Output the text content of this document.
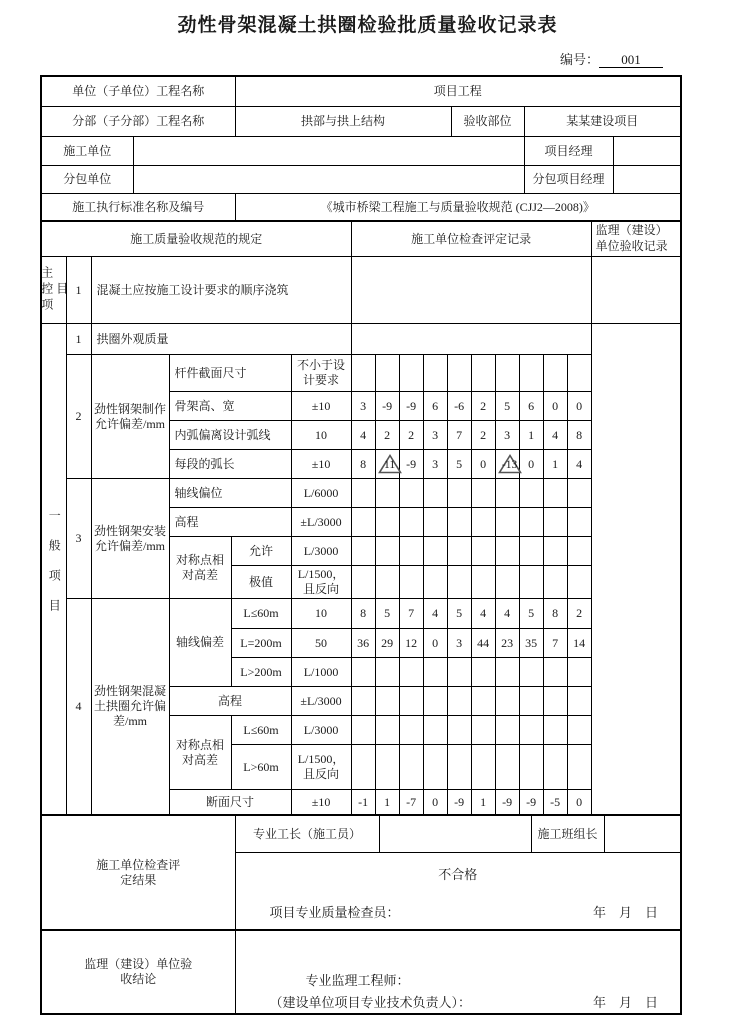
劲性骨架混凝土拱圈检验批质量验收记录表
编号： 001
单位（子单位）工程名称		项目工程			
分部（子分部）工程名称		拱部与拱上结构	验收部位	某某建设项目	
施工单位				项目经理	
分包单位				分包项目经理	
施工执行标准名称及编号		《城市桥梁工程施工与质量验收规范 (CJJ2—2008)》			
施工质量验收规范的规定						施工单位检查评定记录										监理（建设）单位验收记录
主控项目	1	混凝土应按施工设计要求的顺序浇筑														
一般项目	1	拱圈外观质量														
	2	劲性钢架制作允许偏差/mm	杆件截面尺寸		不小于设计要求											
			骨架高、宽		±10	3	-9	-9	6	-6	2	5	6	0	0	
			内弧偏离设计弧线		10	4	2	2	3	7	2	3	1	4	8	
			每段的弧长		±10	8	11	-9	3	5	0	-13	0	1	4	
	3	劲性钢架安装允许偏差/mm	轴线偏位		L/6000											
			高程		±L/3000											
			对称点相对高差	允许	L/3000											
				极值	L/1500，且反向											
	4	劲性钢架混凝土拱圈允许偏差/mm	轴线偏差	L≤60m	10	8	5	7	4	5	4	4	5	8	2	
				L=200m	50	36	29	12	0	3	44	23	35	7	14	
				L>200m	L/1000											
			高程		±L/3000											
			对称点相对高差	L≤60m	L/3000											
				L>60m	L/1500，且反向											
			断面尺寸		±10	-1	1	-7	0	-9	1	-9	-9	-5	0	
施工单位检查评定结果	专业工长（施工员）		施工班组长	

不合格
项目专业质量检查员：	年　月　日
监理（建设）单位验收结论	专业监理工程师：
（建设单位项目专业技术负责人）：	年　月　日
